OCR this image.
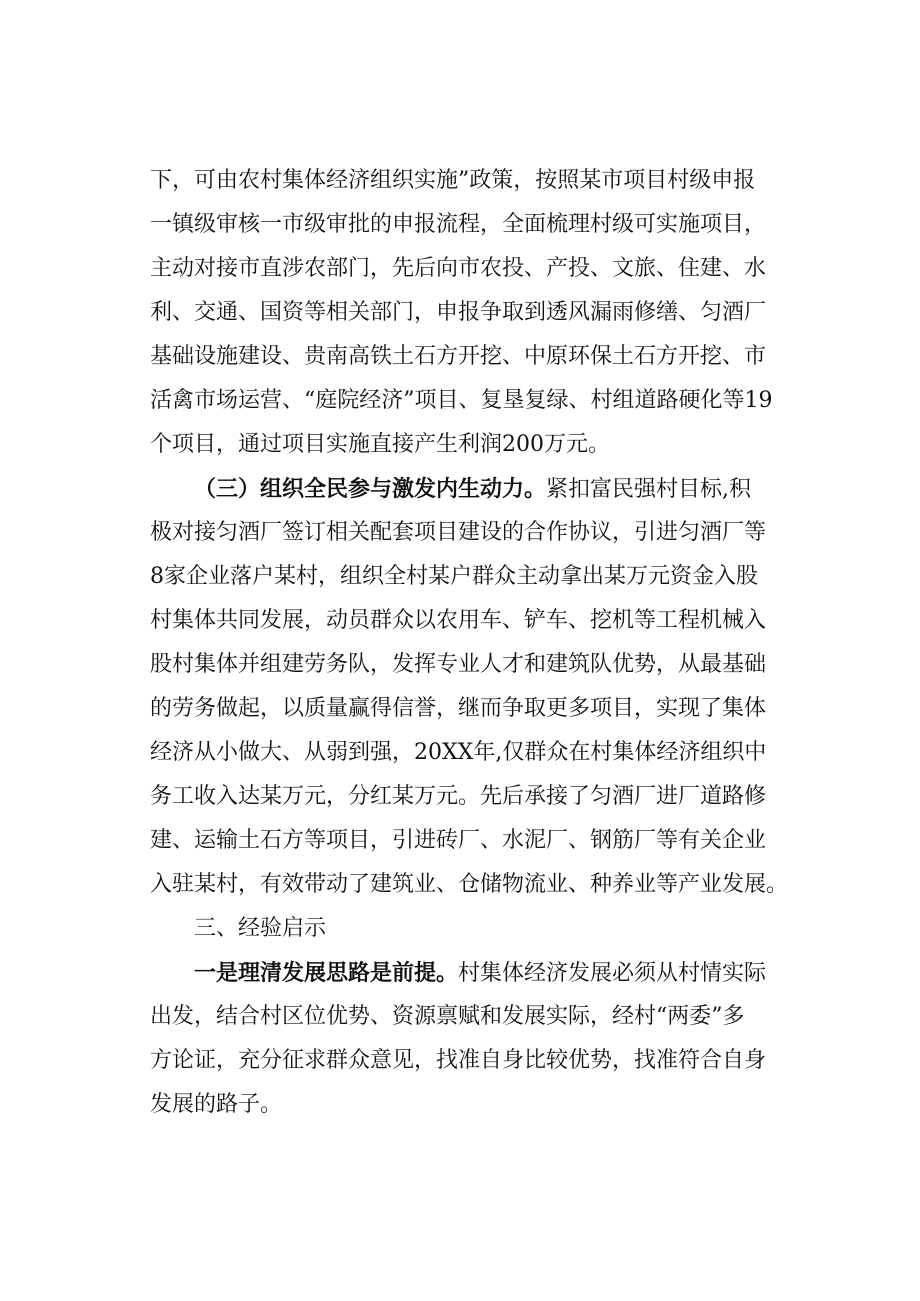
下，可由农村集体经济组织实施”政策，按照某市项目村级申报
一镇级审核一市级审批的申报流程，全面梳理村级可实施项目，
主动对接市直涉农部门，先后向市农投、产投、文旅、住建、水
利、交通、国资等相关部门，申报争取到透风漏雨修缮、匀酒厂
基础设施建设、贵南高铁土石方开挖、中原环保土石方开挖、市
活禽市场运营、“庭院经济”项目、复垦复绿、村组道路硬化等19
个项目，通过项目实施直接产生利润200万元。
（三）组织全民参与激发内生动力。紧扣富民强村目标,积
极对接匀酒厂签订相关配套项目建设的合作协议，引进匀酒厂等
8家企业落户某村，组织全村某户群众主动拿出某万元资金入股
村集体共同发展，动员群众以农用车、铲车、挖机等工程机械入
股村集体并组建劳务队，发挥专业人才和建筑队优势，从最基础
的劳务做起，以质量赢得信誉，继而争取更多项目，实现了集体
经济从小做大、从弱到强，20XX年,仅群众在村集体经济组织中
务工收入达某万元，分红某万元。先后承接了匀酒厂进厂道路修
建、运输土石方等项目，引进砖厂、水泥厂、钢筋厂等有关企业
入驻某村，有效带动了建筑业、仓储物流业、种养业等产业发展。
三、经验启示
一是理清发展思路是前提。村集体经济发展必须从村情实际
出发，结合村区位优势、资源禀赋和发展实际，经村“两委”多
方论证，充分征求群众意见，找准自身比较优势，找准符合自身
发展的路子。
